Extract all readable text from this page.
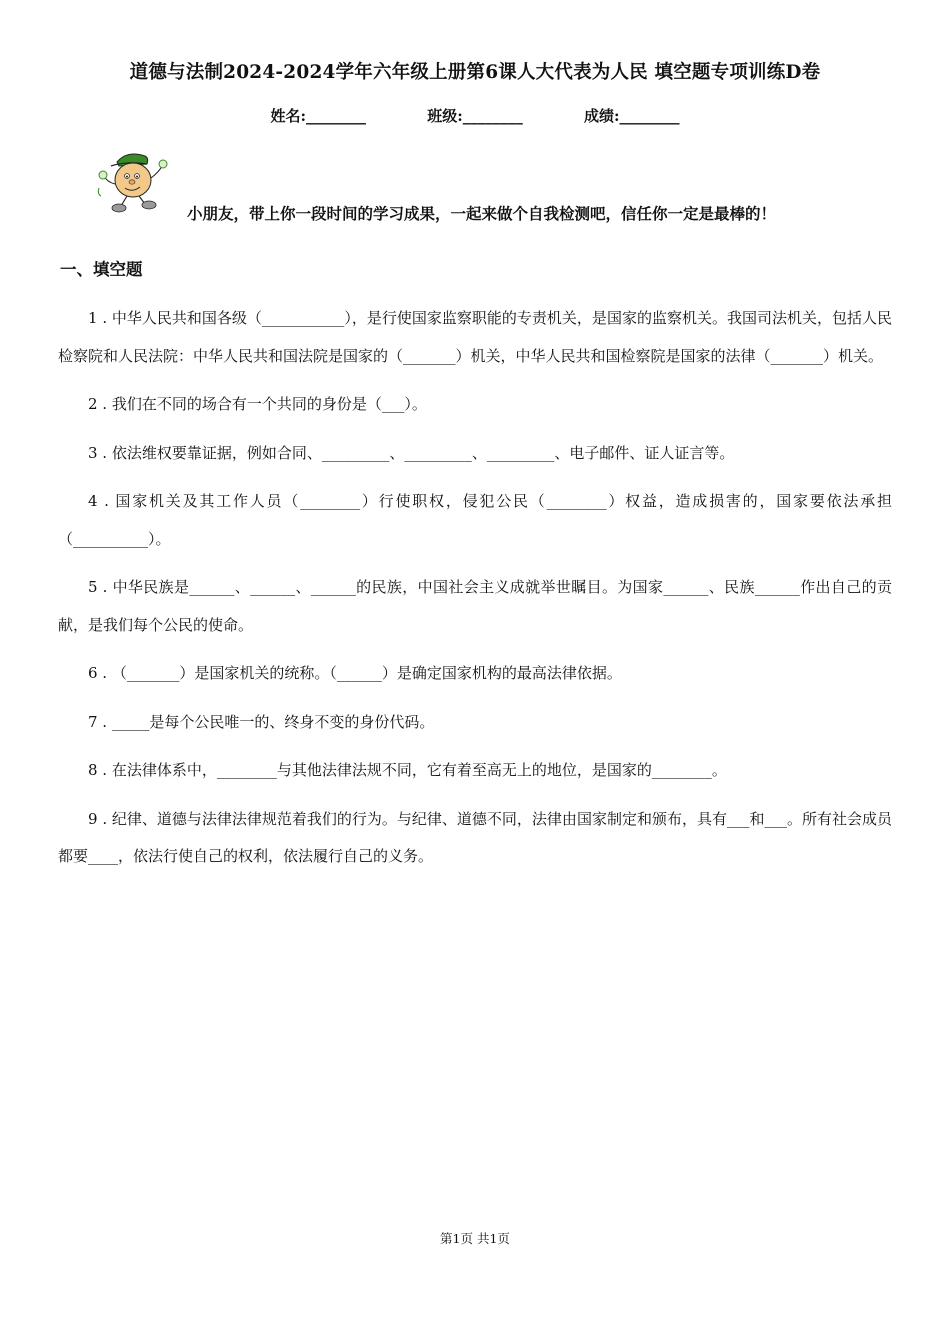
道德与法制2024-2024学年六年级上册第6课人大代表为人民 填空题专项训练D卷
姓名:________	班级:________	成绩:________
小朋友，带上你一段时间的学习成果，一起来做个自我检测吧，信任你一定是最棒的！
一、填空题

1 . 中华人民共和国各级（___________），是行使国家监察职能的专责机关，是国家的监察机关。我国司法机关，包括人民检察院和人民法院：中华人民共和国法院是国家的（_______）机关，中华人民共和国检察院是国家的法律（_______）机关。

2 . 我们在不同的场合有一个共同的身份是（___）。

3 . 依法维权要靠证据，例如合同、_________、_________、_________、电子邮件、证人证言等。

4 . 国家机关及其工作人员（________）行使职权，侵犯公民（________）权益，造成损害的，国家要依法承担（__________）。

5 . 中华民族是______、______、______的民族，中国社会主义成就举世瞩目。为国家______、民族______作出自己的贡献，是我们每个公民的使命。

6 . （_______）是国家机关的统称。（______）是确定国家机构的最高法律依据。

7 . _____是每个公民唯一的、终身不变的身份代码。

8 . 在法律体系中，________与其他法律法规不同，它有着至高无上的地位，是国家的________。

9 . 纪律、道德与法律法律规范着我们的行为。与纪律、道德不同，法律由国家制定和颁布，具有___和___。所有社会成员都要____，依法行使自己的权利，依法履行自己的义务。

第1页 共1页
